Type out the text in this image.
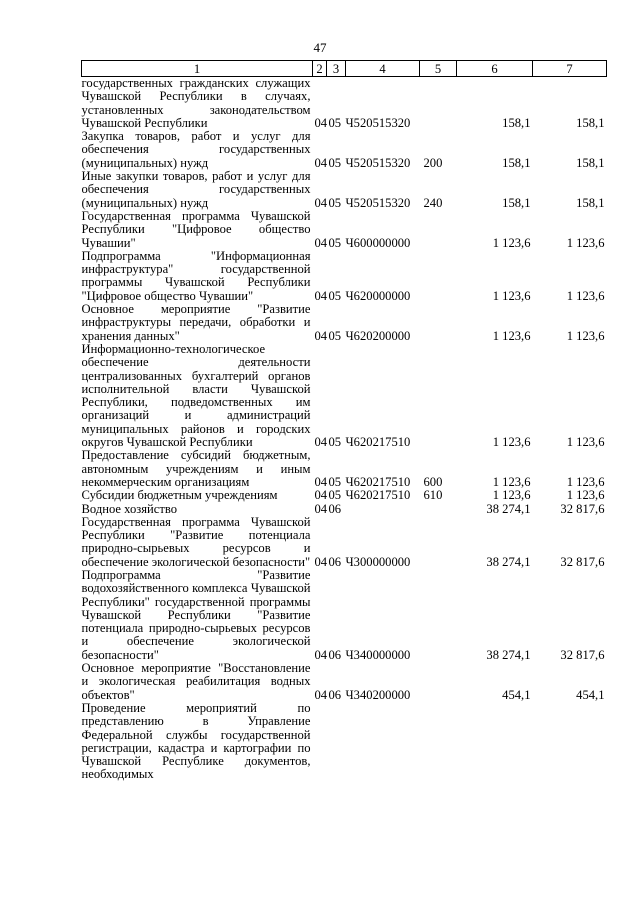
47
1	2	3	4	5	6	7
государственных гражданских служащих Чувашской Республики в случаях, установленных законодательством Чувашской Республики	04	05	Ч520515320		158,1	158,1
Закупка товаров, работ и услуг для обеспечения государственных (муниципальных) нужд	04	05	Ч520515320	200	158,1	158,1
Иные закупки товаров, работ и услуг для обеспечения государственных (муниципальных) нужд	04	05	Ч520515320	240	158,1	158,1
Государственная программа Чувашской Республики "Цифровое общество Чувашии"	04	05	Ч600000000		1 123,6	1 123,6
Подпрограмма "Информационная инфраструктура" государственной программы Чувашской Республики "Цифровое общество Чувашии"	04	05	Ч620000000		1 123,6	1 123,6
Основное мероприятие "Развитие инфраструктуры передачи, обработки и хранения данных"	04	05	Ч620200000		1 123,6	1 123,6
Информационно-технологическое обеспечение деятельности централизованных бухгалтерий органов исполнительной власти Чувашской Республики, подведомственных им организаций и администраций муниципальных районов и городских округов Чувашской Республики	04	05	Ч620217510		1 123,6	1 123,6
Предоставление субсидий бюджетным, автономным учреждениям и иным некоммерческим организациям	04	05	Ч620217510	600	1 123,6	1 123,6
Субсидии бюджетным учреждениям	04	05	Ч620217510	610	1 123,6	1 123,6
Водное хозяйство	04	06			38 274,1	32 817,6
Государственная программа Чувашской Республики "Развитие потенциала природно-сырьевых ресурсов и обеспечение экологической безопасности"	04	06	Ч300000000		38 274,1	32 817,6
Подпрограмма "Развитие водохозяйственного комплекса Чувашской Республики" государственной программы Чувашской Республики "Развитие потенциала природно-сырьевых ресурсов и обеспечение экологической безопасности"	04	06	Ч340000000		38 274,1	32 817,6
Основное мероприятие "Восстановление и экологическая реабилитация водных объектов"	04	06	Ч340200000		454,1	454,1
Проведение мероприятий по представлению в Управление Федеральной службы государственной регистрации, кадастра и картографии по Чувашской Республике документов, необходимых						
